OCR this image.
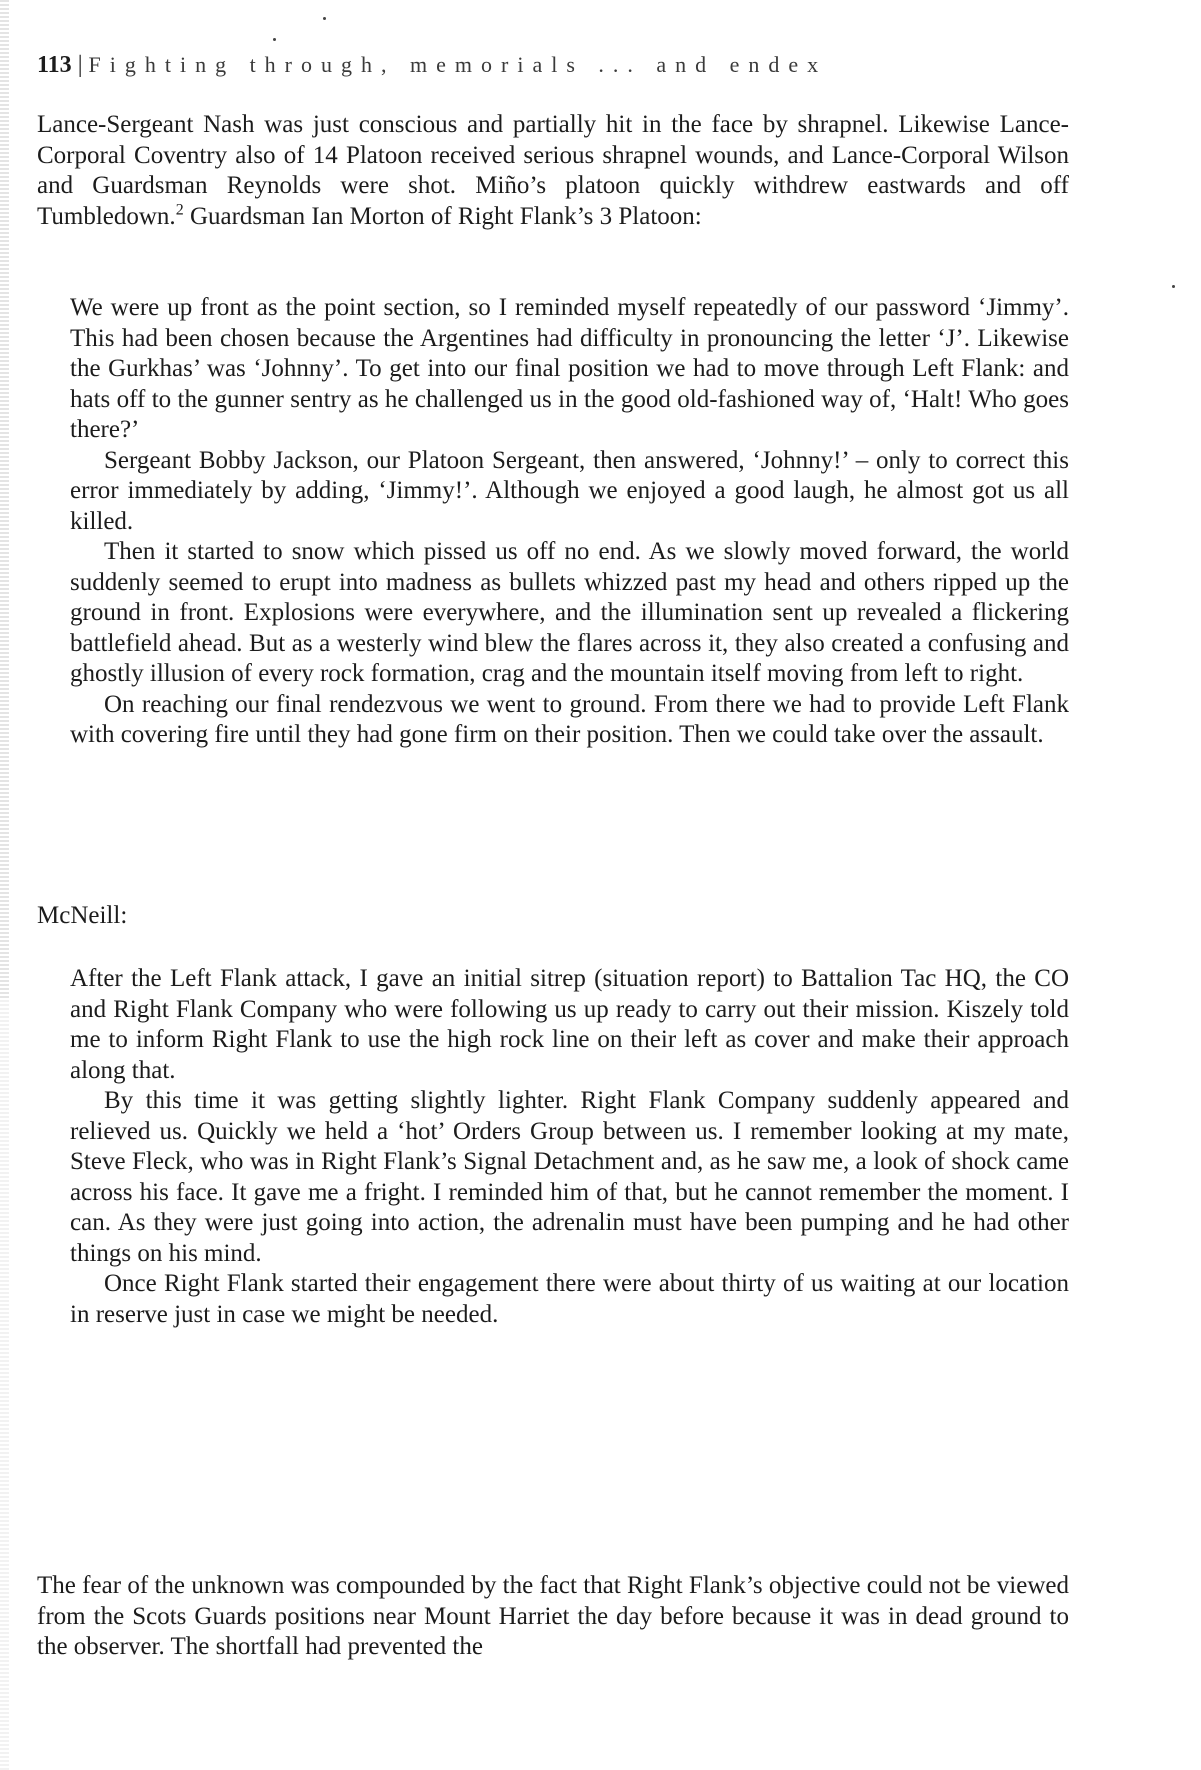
113 | Fighting through, memorials ... and endex

Lance-Sergeant Nash was just conscious and partially hit in the face by shrapnel. Likewise Lance-Corporal Coventry also of 14 Platoon received serious shrapnel wounds, and Lance-Corporal Wilson and Guardsman Reynolds were shot. Miño’s platoon quickly withdrew eastwards and off Tumbledown.$^2$ Guardsman Ian Morton of Right Flank’s 3 Platoon:

We were up front as the point section, so I reminded myself repeatedly of our password ‘Jimmy’. This had been chosen because the Argentines had difficulty in pronouncing the letter ‘J’. Likewise the Gurkhas’ was ‘Johnny’. To get into our final position we had to move through Left Flank: and hats off to the gunner sentry as he challenged us in the good old-fashioned way of, ‘Halt! Who goes there?’

Sergeant Bobby Jackson, our Platoon Sergeant, then answered, ‘Johnny!’ – only to correct this error immediately by adding, ‘Jimmy!’. Although we enjoyed a good laugh, he almost got us all killed.

Then it started to snow which pissed us off no end. As we slowly moved forward, the world suddenly seemed to erupt into madness as bullets whizzed past my head and others ripped up the ground in front. Explosions were everywhere, and the illumination sent up revealed a flickering battlefield ahead. But as a westerly wind blew the flares across it, they also created a confusing and ghostly illusion of every rock formation, crag and the mountain itself moving from left to right.

On reaching our final rendezvous we went to ground. From there we had to provide Left Flank with covering fire until they had gone firm on their position. Then we could take over the assault.

McNeill:

After the Left Flank attack, I gave an initial sitrep (situation report) to Battalion Tac HQ, the CO and Right Flank Company who were following us up ready to carry out their mission. Kiszely told me to inform Right Flank to use the high rock line on their left as cover and make their approach along that.

By this time it was getting slightly lighter. Right Flank Company suddenly appeared and relieved us. Quickly we held a ‘hot’ Orders Group between us. I remember looking at my mate, Steve Fleck, who was in Right Flank’s Signal Detachment and, as he saw me, a look of shock came across his face. It gave me a fright. I reminded him of that, but he cannot remember the moment. I can. As they were just going into action, the adrenalin must have been pumping and he had other things on his mind.

Once Right Flank started their engagement there were about thirty of us waiting at our location in reserve just in case we might be needed.

The fear of the unknown was compounded by the fact that Right Flank’s objective could not be viewed from the Scots Guards positions near Mount Harriet the day before because it was in dead ground to the observer. The shortfall had prevented the
